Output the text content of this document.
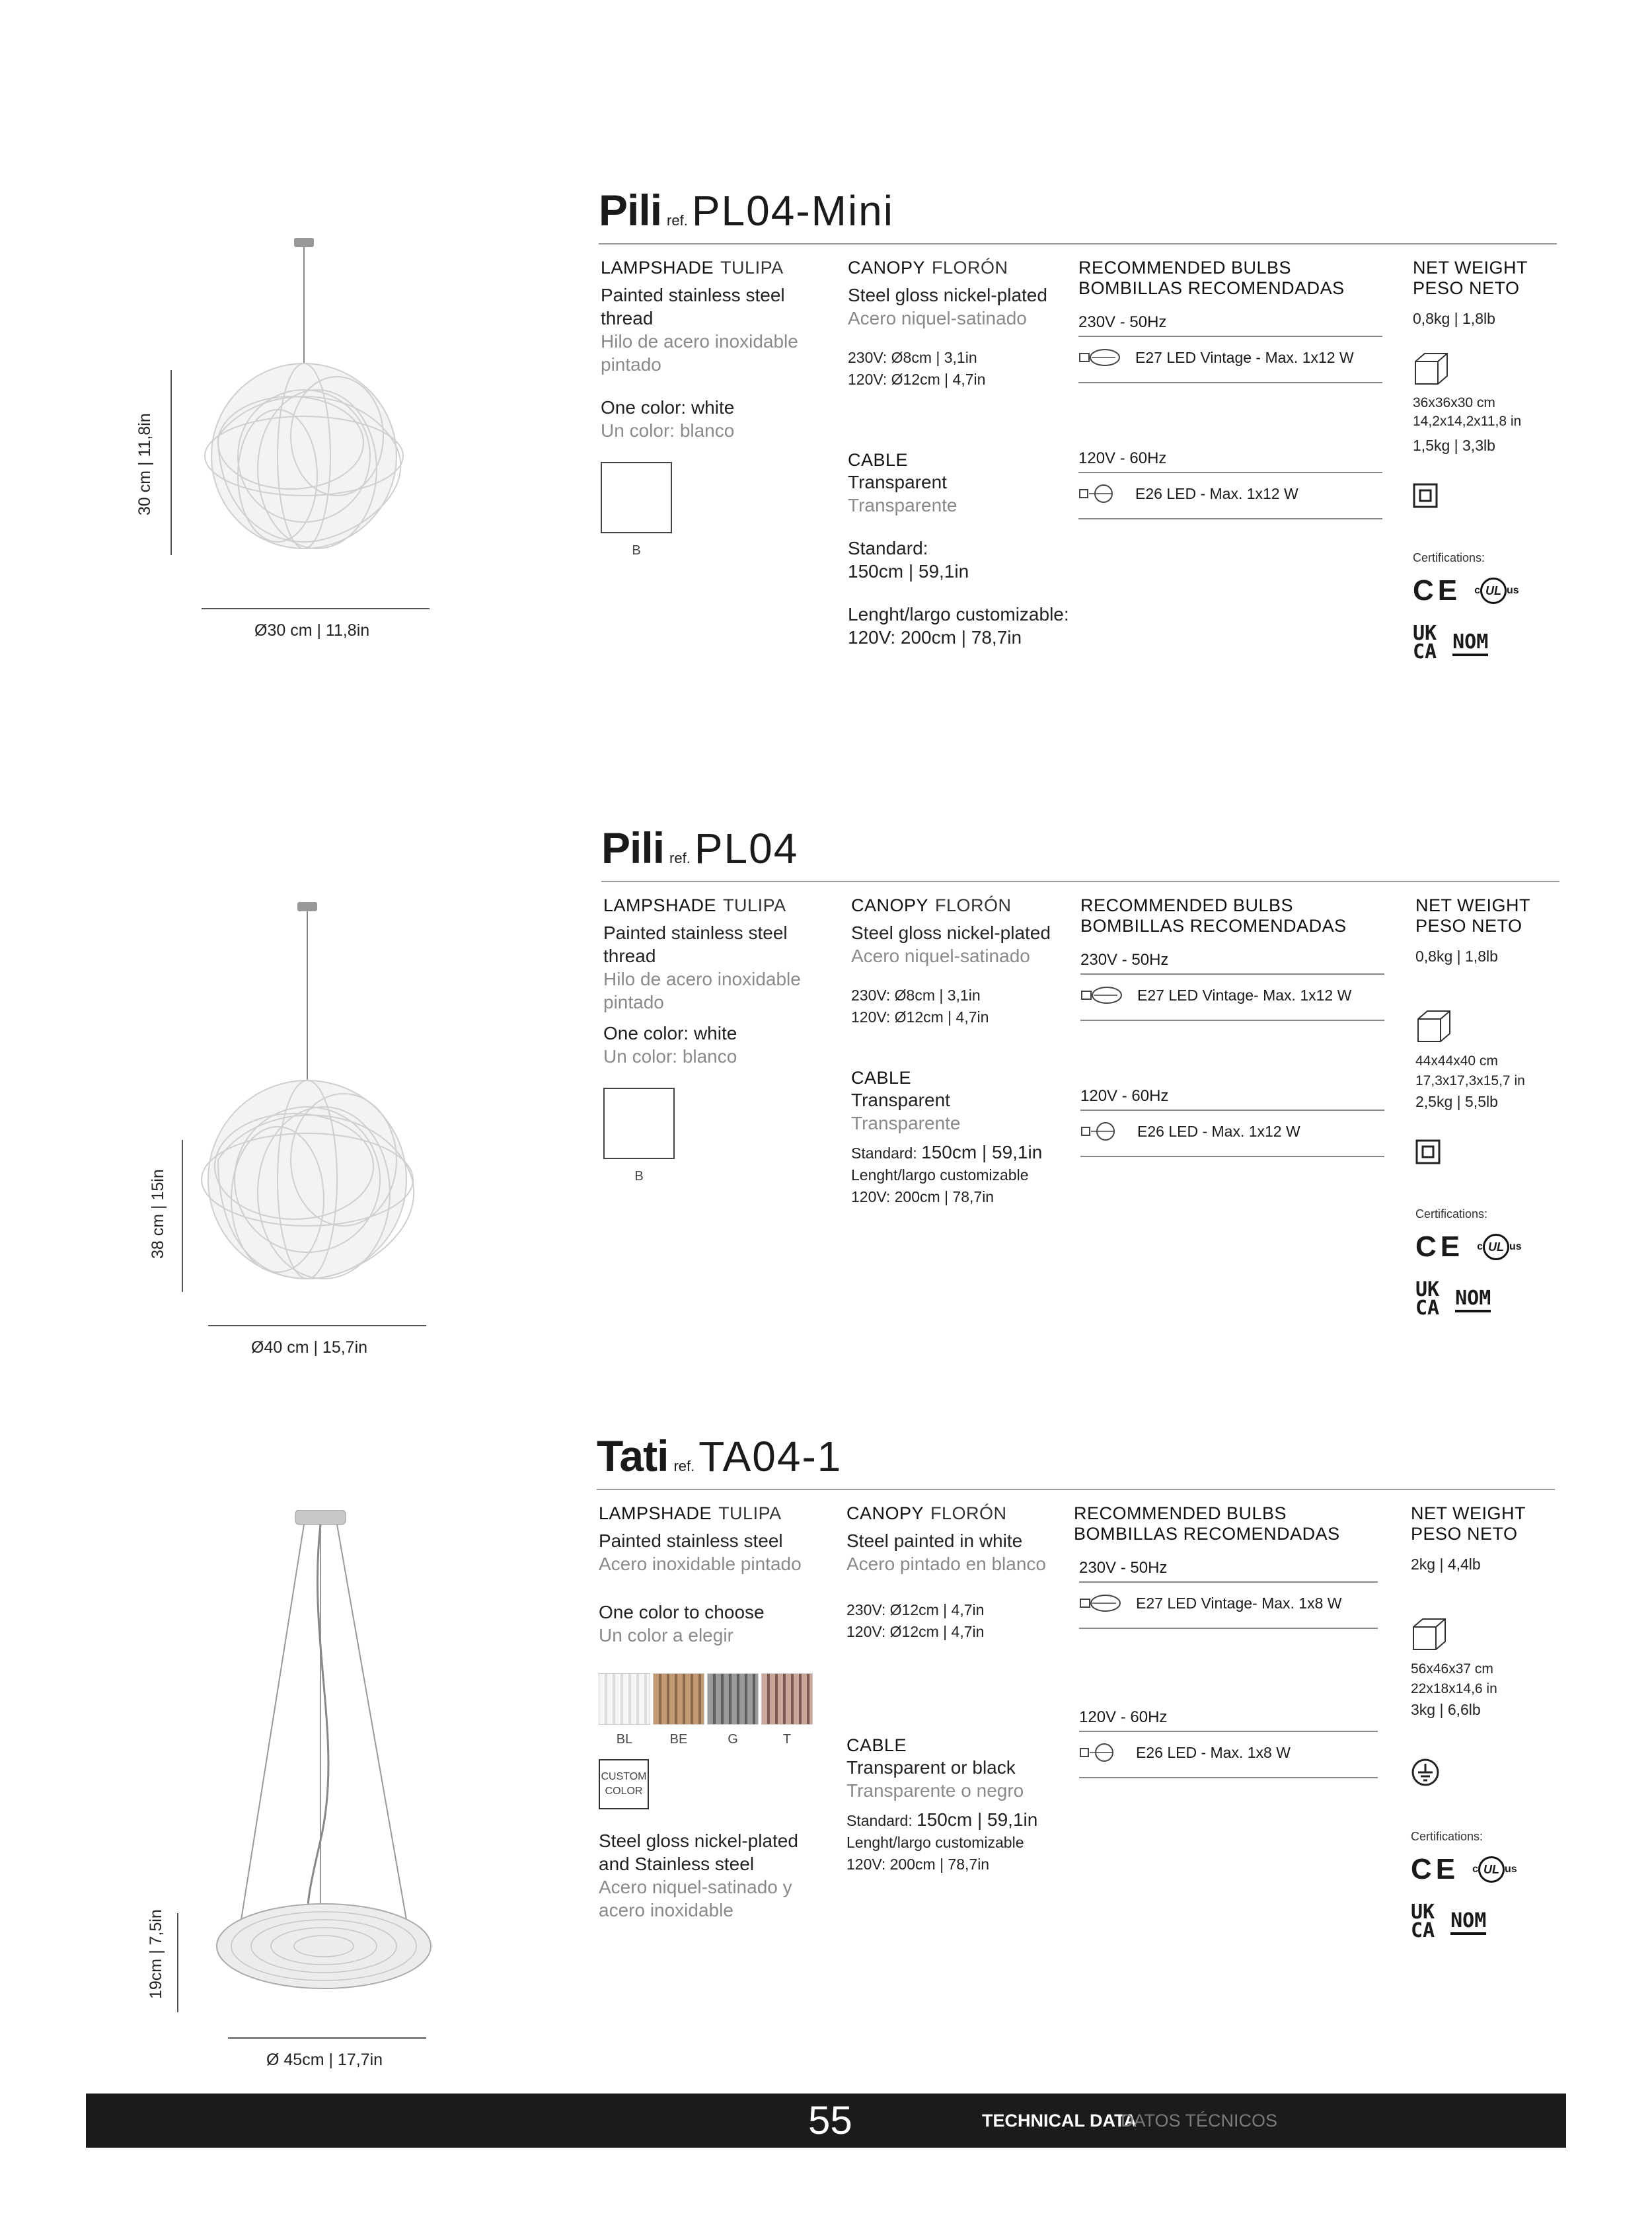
30 cm | 11,8in
Ø30 cm | 11,8in
Pili ref.PL04-Mini
LAMPSHADE TULIPA
Painted stainless steel thread
Hilo de acero inoxidable pintado
One color: white
Un color: blanco
B
CANOPY FLORÓN
Steel gloss nickel-plated
Acero niquel-satinado
230V: Ø8cm | 3,1in
120V: Ø12cm | 4,7in
CABLE
Transparent
Transparente
Standard:
150cm | 59,1in
Lenght/largo customizable:
120V: 200cm | 78,7in
RECOMMENDED BULBS
BOMBILLAS RECOMENDADAS
230V - 50Hz
E27 LED Vintage - Max. 1x12 W
120V - 60Hz
E26 LED - Max. 1x12 W
NET WEIGHT
PESO NETO
0,8kg | 1,8lb
36x36x30 cm
14,2x14,2x11,8 in
1,5kg | 3,3lb
Certifications:
CE c UL us
UK
CA NOM
38 cm | 15in
Ø40 cm | 15,7in
Pili ref.PL04
LAMPSHADE TULIPA
Painted stainless steel thread
Hilo de acero inoxidable pintado
One color: white
Un color: blanco
B
CANOPY FLORÓN
Steel gloss nickel-plated
Acero niquel-satinado
230V: Ø8cm | 3,1in
120V: Ø12cm | 4,7in
CABLE
Transparent
Transparente
Standard: 150cm | 59,1in
Lenght/largo customizable
120V: 200cm | 78,7in
RECOMMENDED BULBS
BOMBILLAS RECOMENDADAS
230V - 50Hz
E27 LED Vintage- Max. 1x12 W
120V - 60Hz
E26 LED - Max. 1x12 W
NET WEIGHT
PESO NETO
0,8kg | 1,8lb
44x44x40 cm
17,3x17,3x15,7 in
2,5kg | 5,5lb
Certifications:
CE c UL us
UK
CA NOM
19cm | 7,5in
Ø 45cm | 17,7in
Tati ref.TA04-1
LAMPSHADE TULIPA
Painted stainless steel
Acero inoxidable pintado
One color to choose
Un color a elegir
BL	BE	G	T
CUSTOM
COLOR
Steel gloss nickel-plated and Stainless steel
Acero niquel-satinado y acero inoxidable
CANOPY FLORÓN
Steel painted in white
Acero pintado en blanco
230V: Ø12cm | 4,7in
120V: Ø12cm | 4,7in
CABLE
Transparent or black
Transparente o negro
Standard: 150cm | 59,1in
Lenght/largo customizable
120V: 200cm | 78,7in
RECOMMENDED BULBS
BOMBILLAS RECOMENDADAS
230V - 50Hz
E27 LED Vintage- Max. 1x8 W
120V - 60Hz
E26 LED - Max. 1x8 W
NET WEIGHT
PESO NETO
2kg | 4,4lb
56x46x37 cm
22x18x14,6 in
3kg | 6,6lb
Certifications:
CE c UL us
UK
CA NOM
55	TECHNICAL DATA
DATOS TÉCNICOS
